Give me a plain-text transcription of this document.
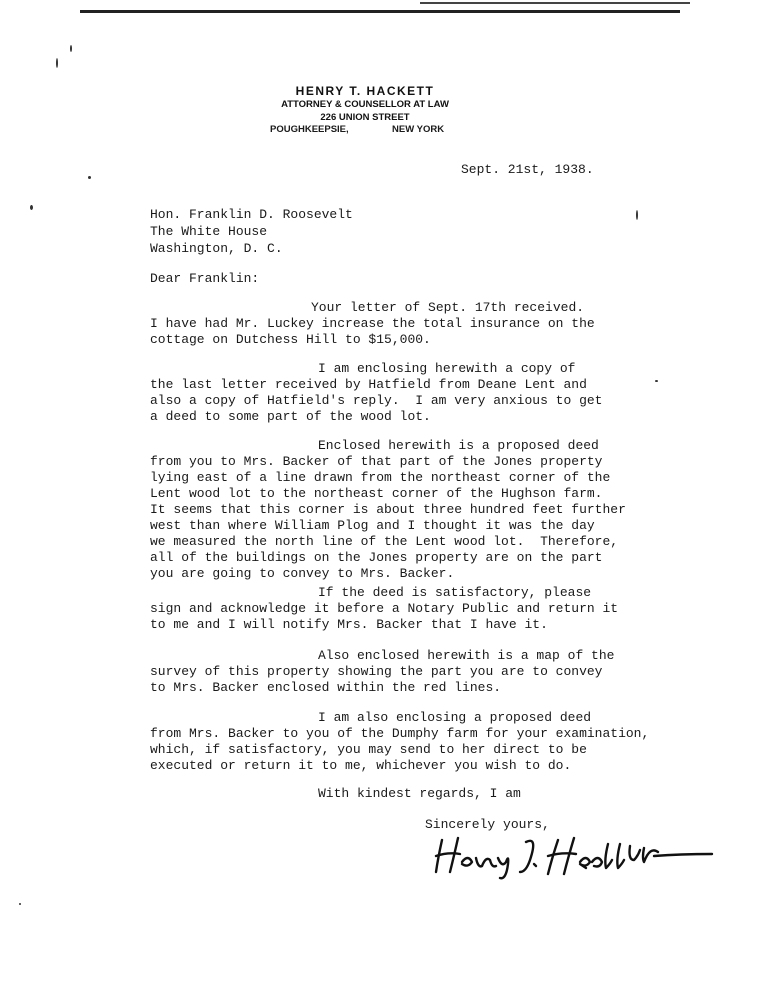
HENRY T. HACKETT
ATTORNEY & COUNSELLOR AT LAW
226 UNION STREET
POUGHKEEPSIE,	NEW YORK
Sept. 21st, 1938.
Hon. Franklin D. Roosevelt
The White House
Washington, D. C.
Dear Franklin:
Your letter of Sept. 17th received.
I have had Mr. Luckey increase the total insurance on the
cottage on Dutchess Hill to $15,000.
I am enclosing herewith a copy of
the last letter received by Hatfield from Deane Lent and
also a copy of Hatfield's reply.  I am very anxious to get
a deed to some part of the wood lot.
Enclosed herewith is a proposed deed
from you to Mrs. Backer of that part of the Jones property
lying east of a line drawn from the northeast corner of the
Lent wood lot to the northeast corner of the Hughson farm.
It seems that this corner is about three hundred feet further
west than where William Plog and I thought it was the day
we measured the north line of the Lent wood lot.  Therefore,
all of the buildings on the Jones property are on the part
you are going to convey to Mrs. Backer.
If the deed is satisfactory, please
sign and acknowledge it before a Notary Public and return it
to me and I will notify Mrs. Backer that I have it.
Also enclosed herewith is a map of the
survey of this property showing the part you are to convey
to Mrs. Backer enclosed within the red lines.
I am also enclosing a proposed deed
from Mrs. Backer to you of the Dumphy farm for your examination,
which, if satisfactory, you may send to her direct to be
executed or return it to me, whichever you wish to do.
With kindest regards, I am
Sincerely yours,
